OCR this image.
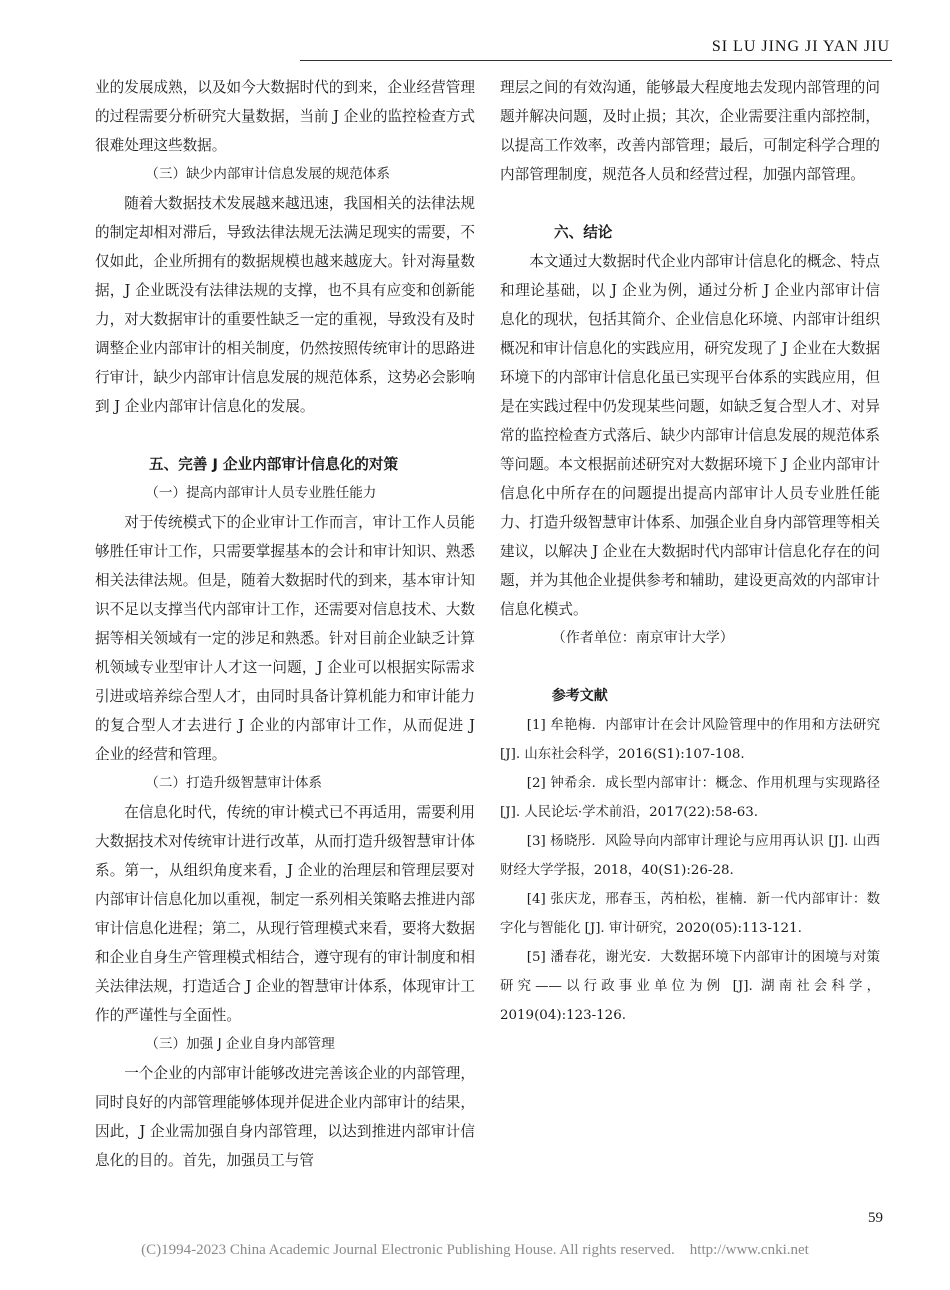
SI LU JING JI YAN JIU

业的发展成熟，以及如今大数据时代的到来，企业经营管理的过程需要分析研究大量数据，当前 J 企业的监控检查方式很难处理这些数据。

（三）缺少内部审计信息发展的规范体系

随着大数据技术发展越来越迅速，我国相关的法律法规的制定却相对滞后，导致法律法规无法满足现实的需要，不仅如此，企业所拥有的数据规模也越来越庞大。针对海量数据，J 企业既没有法律法规的支撑，也不具有应变和创新能力，对大数据审计的重要性缺乏一定的重视，导致没有及时调整企业内部审计的相关制度，仍然按照传统审计的思路进行审计，缺少内部审计信息发展的规范体系，这势必会影响到 J 企业内部审计信息化的发展。

五、完善 J 企业内部审计信息化的对策

（一）提高内部审计人员专业胜任能力

对于传统模式下的企业审计工作而言，审计工作人员能够胜任审计工作，只需要掌握基本的会计和审计知识、熟悉相关法律法规。但是，随着大数据时代的到来，基本审计知识不足以支撑当代内部审计工作，还需要对信息技术、大数据等相关领域有一定的涉足和熟悉。针对目前企业缺乏计算机领域专业型审计人才这一问题，J 企业可以根据实际需求引进或培养综合型人才，由同时具备计算机能力和审计能力的复合型人才去进行 J 企业的内部审计工作，从而促进 J 企业的经营和管理。

（二）打造升级智慧审计体系

在信息化时代，传统的审计模式已不再适用，需要利用大数据技术对传统审计进行改革，从而打造升级智慧审计体系。第一，从组织角度来看，J 企业的治理层和管理层要对内部审计信息化加以重视，制定一系列相关策略去推进内部审计信息化进程；第二，从现行管理模式来看，要将大数据和企业自身生产管理模式相结合，遵守现有的审计制度和相关法律法规，打造适合 J 企业的智慧审计体系，体现审计工作的严谨性与全面性。

（三）加强 J 企业自身内部管理

一个企业的内部审计能够改进完善该企业的内部管理，同时良好的内部管理能够体现并促进企业内部审计的结果，因此，J 企业需加强自身内部管理，以达到推进内部审计信息化的目的。首先，加强员工与管

理层之间的有效沟通，能够最大程度地去发现内部管理的问题并解决问题，及时止损；其次，企业需要注重内部控制，以提高工作效率，改善内部管理；最后，可制定科学合理的内部管理制度，规范各人员和经营过程，加强内部管理。

六、结论

本文通过大数据时代企业内部审计信息化的概念、特点和理论基础，以 J 企业为例，通过分析 J 企业内部审计信息化的现状，包括其简介、企业信息化环境、内部审计组织概况和审计信息化的实践应用，研究发现了 J 企业在大数据环境下的内部审计信息化虽已实现平台体系的实践应用，但是在实践过程中仍发现某些问题，如缺乏复合型人才、对异常的监控检查方式落后、缺少内部审计信息发展的规范体系等问题。本文根据前述研究对大数据环境下 J 企业内部审计信息化中所存在的问题提出提高内部审计人员专业胜任能力、打造升级智慧审计体系、加强企业自身内部管理等相关建议，以解决 J 企业在大数据时代内部审计信息化存在的问题，并为其他企业提供参考和辅助，建设更高效的内部审计信息化模式。

（作者单位：南京审计大学）

参考文献

[1] 牟艳梅．内部审计在会计风险管理中的作用和方法研究 [J]. 山东社会科学，2016(S1):107-108.

[2] 钟希余．成长型内部审计：概念、作用机理与实现路径 [J]. 人民论坛·学术前沿，2017(22):58-63.

[3] 杨晓彤．风险导向内部审计理论与应用再认识 [J]. 山西财经大学学报，2018，40(S1):26-28.

[4] 张庆龙，邢春玉，芮柏松，崔楠．新一代内部审计：数字化与智能化 [J]. 审计研究，2020(05):113-121.

[5] 潘春花，谢光安．大数据环境下内部审计的困境与对策研究——以行政事业单位为例 [J]. 湖南社会科学，2019(04):123-126.

59
(C)1994-2023 China Academic Journal Electronic Publishing House. All rights reserved.    http://www.cnki.net
